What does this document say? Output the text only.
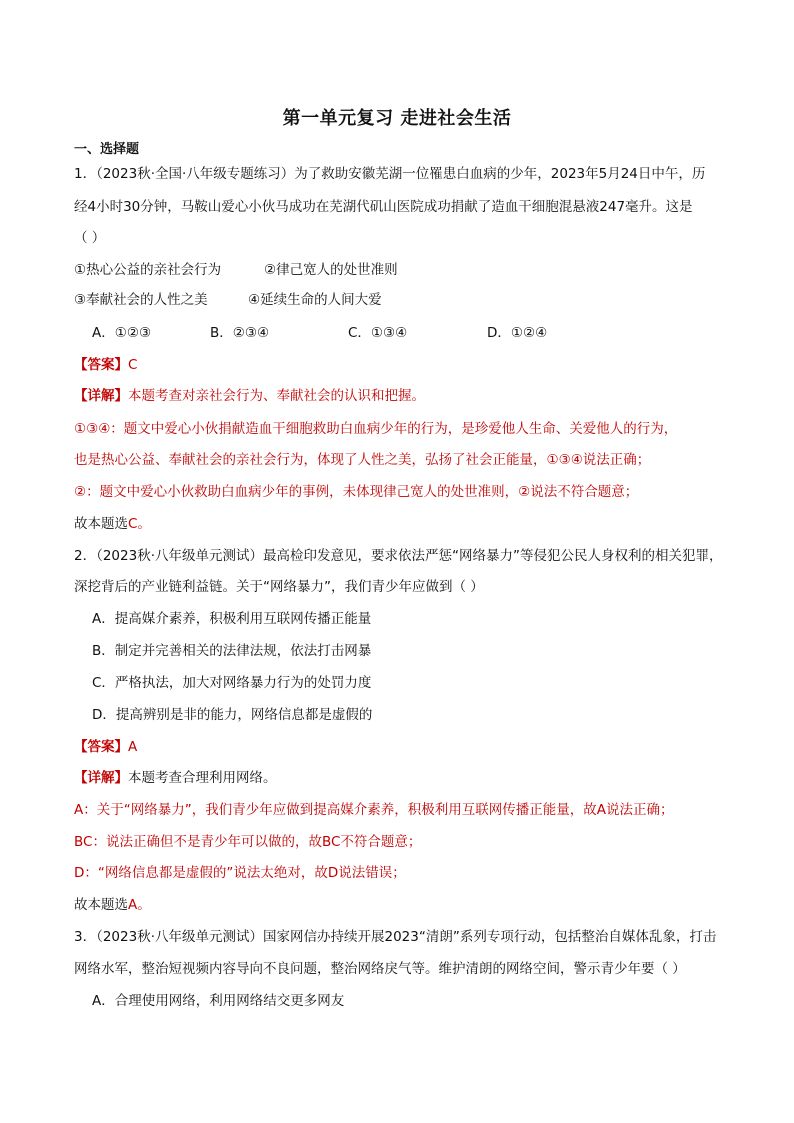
第一单元复习 走进社会生活
一、选择题
1．（2023秋·全国·八年级专题练习）为了救助安徽芜湖一位罹患白血病的少年，2023年5月24日中午，历
经4小时30分钟，马鞍山爱心小伙马成功在芜湖代矶山医院成功捐献了造血干细胞混悬液247毫升。这是
（ ）
①热心公益的亲社会行为	②律己宽人的处世准则
③奉献社会的人性之美	④延续生命的人间大爱
A．①②③	B．②③④	C．①③④	D．①②④
【答案】C
【详解】本题考查对亲社会行为、奉献社会的认识和把握。
①③④：题文中爱心小伙捐献造血干细胞救助白血病少年的行为，是珍爱他人生命、关爱他人的行为，
也是热心公益、奉献社会的亲社会行为，体现了人性之美，弘扬了社会正能量，①③④说法正确；
②：题文中爱心小伙救助白血病少年的事例，未体现律己宽人的处世准则，②说法不符合题意；
故本题选C。
2．（2023秋·八年级单元测试）最高检印发意见，要求依法严惩“网络暴力”等侵犯公民人身权利的相关犯罪，
深挖背后的产业链利益链。关于“网络暴力”，我们青少年应做到（ ）
A．提高媒介素养，积极利用互联网传播正能量
B．制定并完善相关的法律法规，依法打击网暴
C．严格执法，加大对网络暴力行为的处罚力度
D．提高辨别是非的能力，网络信息都是虚假的
【答案】A
【详解】本题考查合理利用网络。
A：关于“网络暴力”，我们青少年应做到提高媒介素养，积极利用互联网传播正能量，故A说法正确；
BC：说法正确但不是青少年可以做的，故BC不符合题意；
D：“网络信息都是虚假的”说法太绝对，故D说法错误；
故本题选A。
3．（2023秋·八年级单元测试）国家网信办持续开展2023“清朗”系列专项行动，包括整治自媒体乱象，打击
网络水军，整治短视频内容导向不良问题，整治网络戾气等。维护清朗的网络空间，警示青少年要（ ）
A．合理使用网络，利用网络结交更多网友
